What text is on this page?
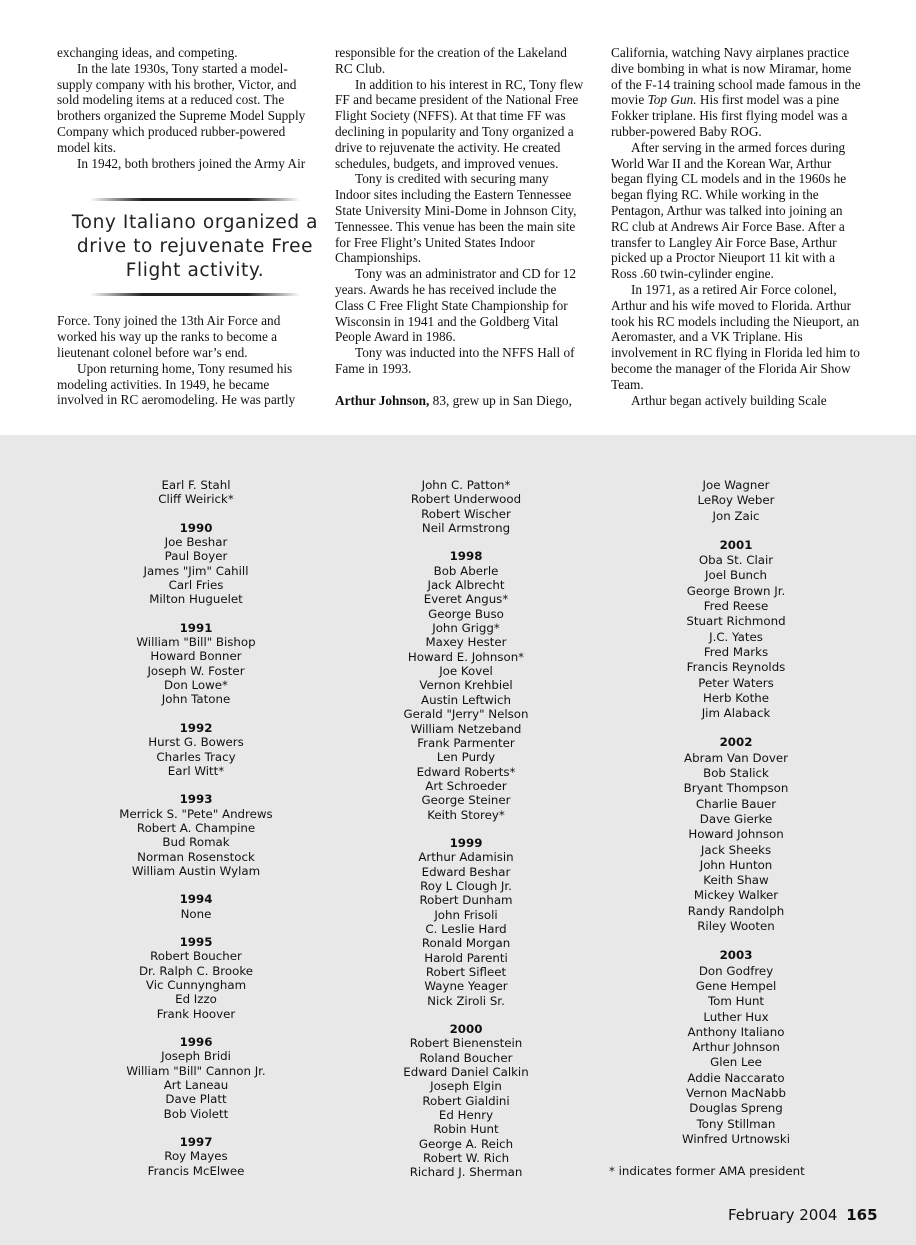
exchanging ideas, and competing.

In the late 1930s, Tony started a model-supply company with his brother, Victor, and sold modeling items at a reduced cost. The brothers organized the Supreme Model Supply Company which produced rubber-powered model kits.

In 1942, both brothers joined the Army Air

Force. Tony joined the 13th Air Force and worked his way up the ranks to become a lieutenant colonel before war’s end.

Upon returning home, Tony resumed his modeling activities. In 1949, he became involved in RC aeromodeling. He was partly

Tony Italiano organized a drive to rejuvenate Free Flight activity.

responsible for the creation of the Lakeland RC Club.

In addition to his interest in RC, Tony flew FF and became president of the National Free Flight Society (NFFS). At that time FF was declining in popularity and Tony organized a drive to rejuvenate the activity. He created schedules, budgets, and improved venues.

Tony is credited with securing many Indoor sites including the Eastern Tennessee State University Mini-Dome in Johnson City, Tennessee. This venue has been the main site for Free Flight’s United States Indoor Championships.

Tony was an administrator and CD for 12 years. Awards he has received include the Class C Free Flight State Championship for Wisconsin in 1941 and the Goldberg Vital People Award in 1986.

Tony was inducted into the NFFS Hall of Fame in 1993.

Arthur Johnson, 83, grew up in San Diego,

California, watching Navy airplanes practice dive bombing in what is now Miramar, home of the F-14 training school made famous in the movie Top Gun. His first model was a pine Fokker triplane. His first flying model was a rubber-powered Baby ROG.

After serving in the armed forces during World War II and the Korean War, Arthur began flying CL models and in the 1960s he began flying RC. While working in the Pentagon, Arthur was talked into joining an RC club at Andrews Air Force Base. After a transfer to Langley Air Force Base, Arthur picked up a Proctor Nieuport 11 kit with a Ross .60 twin-cylinder engine.

In 1971, as a retired Air Force colonel, Arthur and his wife moved to Florida. Arthur took his RC models including the Nieuport, an Aeromaster, and a VK Triplane. His involvement in RC flying in Florida led him to become the manager of the Florida Air Show Team.

Arthur began actively building Scale

Earl F. Stahl
Cliff Weirick*
1990
Joe Beshar
Paul Boyer
James "Jim" Cahill
Carl Fries
Milton Huguelet
1991
William "Bill" Bishop
Howard Bonner
Joseph W. Foster
Don Lowe*
John Tatone
1992
Hurst G. Bowers
Charles Tracy
Earl Witt*
1993
Merrick S. "Pete" Andrews
Robert A. Champine
Bud Romak
Norman Rosenstock
William Austin Wylam
1994
None
1995
Robert Boucher
Dr. Ralph C. Brooke
Vic Cunnyngham
Ed Izzo
Frank Hoover
1996
Joseph Bridi
William "Bill" Cannon Jr.
Art Laneau
Dave Platt
Bob Violett
1997
Roy Mayes
Francis McElwee
John C. Patton*
Robert Underwood
Robert Wischer
Neil Armstrong
1998
Bob Aberle
Jack Albrecht
Everet Angus*
George Buso
John Grigg*
Maxey Hester
Howard E. Johnson*
Joe Kovel
Vernon Krehbiel
Austin Leftwich
Gerald "Jerry" Nelson
William Netzeband
Frank Parmenter
Len Purdy
Edward Roberts*
Art Schroeder
George Steiner
Keith Storey*
1999
Arthur Adamisin
Edward Beshar
Roy L Clough Jr.
Robert Dunham
John Frisoli
C. Leslie Hard
Ronald Morgan
Harold Parenti
Robert Sifleet
Wayne Yeager
Nick Ziroli Sr.
2000
Robert Bienenstein
Roland Boucher
Edward Daniel Calkin
Joseph Elgin
Robert Gialdini
Ed Henry
Robin Hunt
George A. Reich
Robert W. Rich
Richard J. Sherman
Joe Wagner
LeRoy Weber
Jon Zaic
2001
Oba St. Clair
Joel Bunch
George Brown Jr.
Fred Reese
Stuart Richmond
J.C. Yates
Fred Marks
Francis Reynolds
Peter Waters
Herb Kothe
Jim Alaback
2002
Abram Van Dover
Bob Stalick
Bryant Thompson
Charlie Bauer
Dave Gierke
Howard Johnson
Jack Sheeks
John Hunton
Keith Shaw
Mickey Walker
Randy Randolph
Riley Wooten
2003
Don Godfrey
Gene Hempel
Tom Hunt
Luther Hux
Anthony Italiano
Arthur Johnson
Glen Lee
Addie Naccarato
Vernon MacNabb
Douglas Spreng
Tony Stillman
Winfred Urtnowski
* indicates former AMA president
February 2004 165
